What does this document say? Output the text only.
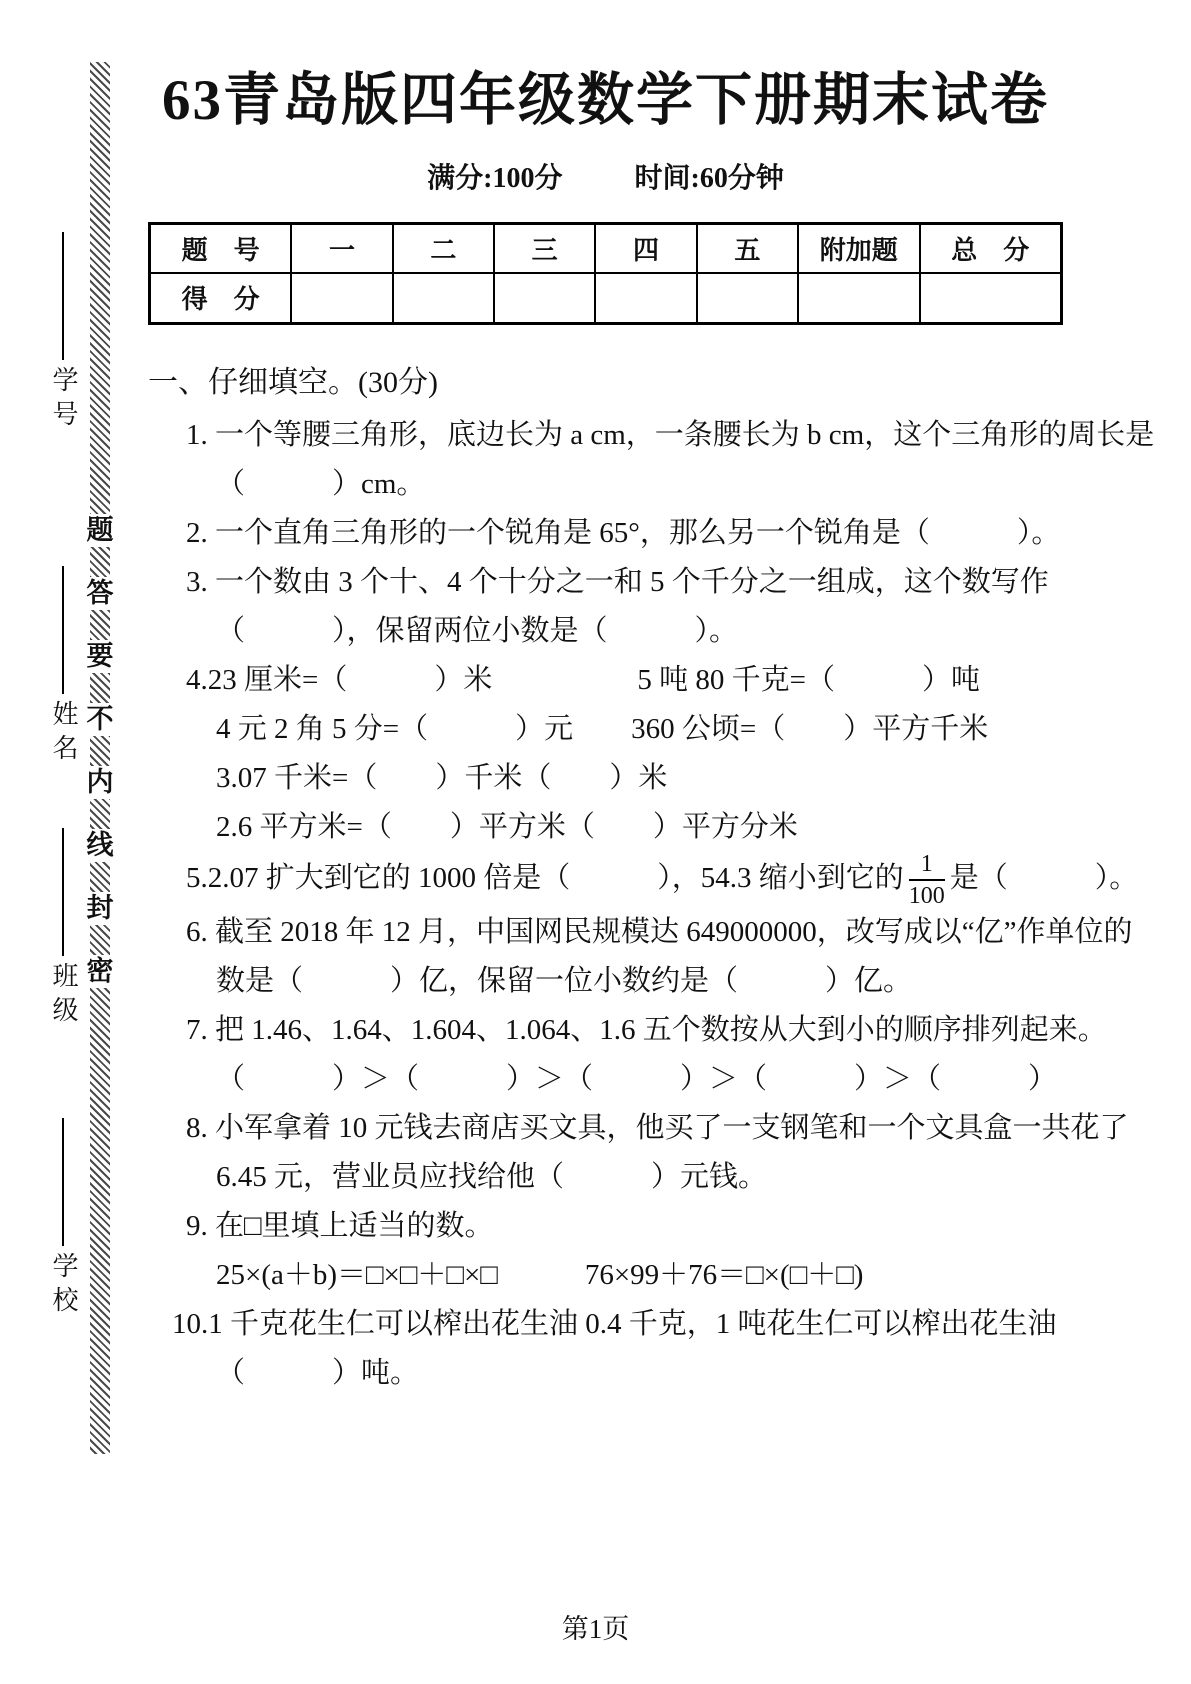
题
答
要
不
内
线
封
密
学号
姓名
班级
学校
63青岛版四年级数学下册期末试卷
满分:100分	时间:60分钟
题　号	一	二	三	四	五	附加题	总　分
得　分							
一、仔细填空。(30分)

1. 一个等腰三角形，底边长为 a cm，一条腰长为 b cm，这个三角形的周长是

（　　　）cm。

2. 一个直角三角形的一个锐角是 65°，那么另一个锐角是（　　　）。

3. 一个数由 3 个十、4 个十分之一和 5 个千分之一组成，这个数写作

（　　　），保留两位小数是（　　　）。

4.23 厘米=（　　　）米　　　　　5 吨 80 千克=（　　　）吨

4 元 2 角 5 分=（　　　）元　　360 公顷=（　　）平方千米

3.07 千米=（　　）千米（　　）米

2.6 平方米=（　　）平方米（　　）平方分米

5.2.07 扩大到它的 1000 倍是（　　　），54.3 缩小到它的 $\frac{1}{100}$ 是（　　　）。

6. 截至 2018 年 12 月，中国网民规模达 649000000，改写成以“亿”作单位的

数是（　　　）亿，保留一位小数约是（　　　）亿。

7. 把 1.46、1.64、1.604、1.064、1.6 五个数按从大到小的顺序排列起来。

（　　　）＞（　　　）＞（　　　）＞（　　　）＞（　　　）

8. 小军拿着 10 元钱去商店买文具，他买了一支钢笔和一个文具盒一共花了

6.45 元，营业员应找给他（　　　）元钱。

9. 在□里填上适当的数。

25×(a＋b)＝□×□＋□×□　　　76×99＋76＝□×(□＋□)

10.1 千克花生仁可以榨出花生油 0.4 千克，1 吨花生仁可以榨出花生油

（　　　）吨。

第1页
